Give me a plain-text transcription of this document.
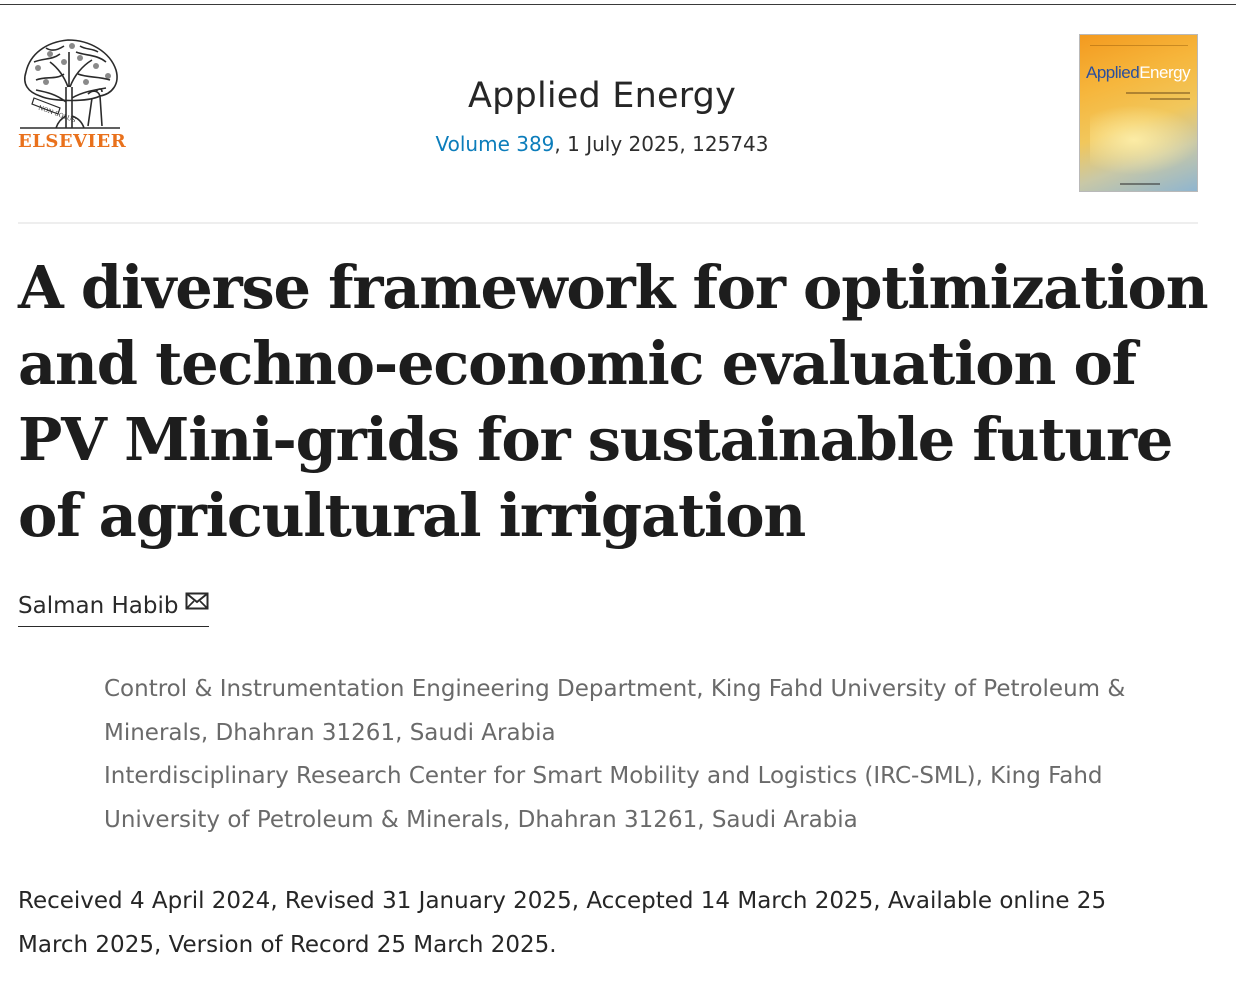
NON SOLUS
ELSEVIER
Applied Energy
Volume 389, 1 July 2025, 125743
AppliedEnergy
A diverse framework for optimization and techno-economic evaluation of PV Mini-grids for sustainable future of agricultural irrigation
Salman Habib
Control & Instrumentation Engineering Department, King Fahd University of Petroleum & Minerals, Dhahran 31261, Saudi Arabia
Interdisciplinary Research Center for Smart Mobility and Logistics (IRC-SML), King Fahd University of Petroleum & Minerals, Dhahran 31261, Saudi Arabia

Received 4 April 2024, Revised 31 January 2025, Accepted 14 March 2025, Available online 25 March 2025, Version of Record 25 March 2025.
